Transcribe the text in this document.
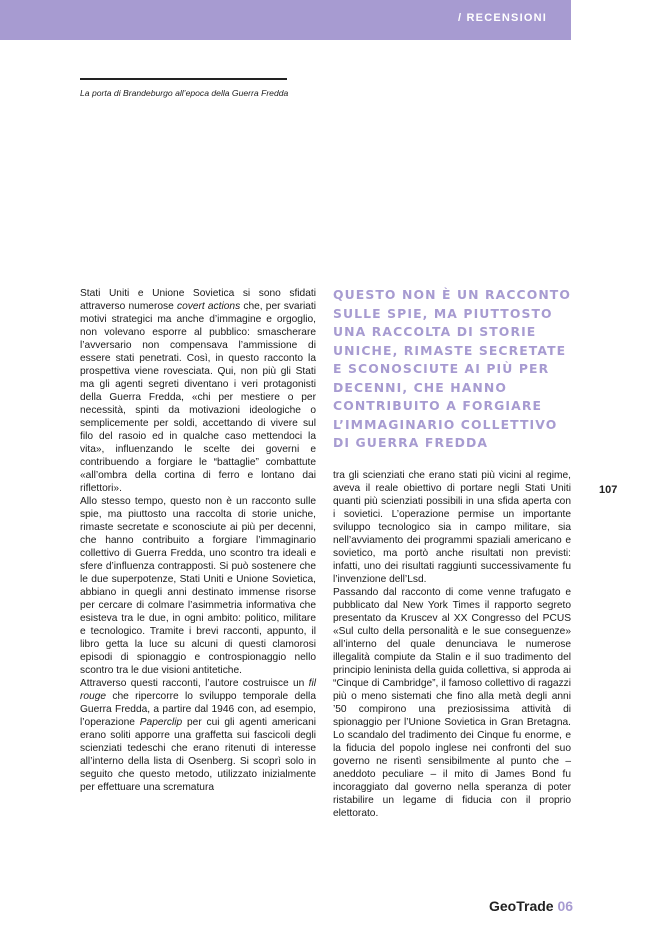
/ RECENSIONI
La porta di Brandeburgo all’epoca della Guerra Fredda

Stati Uniti e Unione Sovietica si sono sfidati attraverso numerose covert actions che, per svariati motivi strategici ma anche d’immagine e orgoglio, non volevano esporre al pubblico: smascherare l’avversario non compensava l’ammissione di essere stati penetrati. Così, in questo racconto la prospettiva viene rovesciata. Qui, non più gli Stati ma gli agenti segreti diventano i veri protagonisti della Guerra Fredda, «chi per mestiere o per necessità, spinti da motivazioni ideologiche o semplicemente per soldi, accettando di vivere sul filo del rasoio ed in qualche caso mettendoci la vita», influenzando le scelte dei governi e contribuendo a forgiare le “battaglie” combattute «all’ombra della cortina di ferro e lontano dai riflettori».

Allo stesso tempo, questo non è un racconto sulle spie, ma piuttosto una raccolta di storie uniche, rimaste secretate e sconosciute ai più per decenni, che hanno contribuito a forgiare l’immaginario collettivo di Guerra Fredda, uno scontro tra ideali e sfere d’influenza contrapposti. Si può sostenere che le due superpotenze, Stati Uniti e Unione Sovietica, abbiano in quegli anni destinato immense risorse per cercare di colmare l’asimmetria informativa che esisteva tra le due, in ogni ambito: politico, militare e tecnologico. Tramite i brevi racconti, appunto, il libro getta la luce su alcuni di questi clamorosi episodi di spionaggio e controspionaggio nello scontro tra le due visioni antitetiche.

Attraverso questi racconti, l’autore costruisce un fil rouge che ripercorre lo sviluppo temporale della Guerra Fredda, a partire dal 1946 con, ad esempio, l’operazione Paperclip per cui gli agenti americani erano soliti apporre una graffetta sui fascicoli degli scienziati tedeschi che erano ritenuti di interesse all’interno della lista di Osenberg. Si scoprì solo in seguito che questo metodo, utilizzato inizialmente per effettuare una scrematura

QUESTO NON È UN RACCONTO SULLE SPIE, MA PIUTTOSTO UNA RACCOLTA DI STORIE UNICHE, RIMASTE SECRETATE E SCONOSCIUTE AI PIÙ PER DECENNI, CHE HANNO CONTRIBUITO A FORGIARE L’IMMAGINARIO COLLETTIVO DI GUERRA FREDDA

tra gli scienziati che erano stati più vicini al regime, aveva il reale obiettivo di portare negli Stati Uniti quanti più scienziati possibili in una sfida aperta con i sovietici. L’operazione permise un importante sviluppo tecnologico sia in campo militare, sia nell’avviamento dei programmi spaziali americano e sovietico, ma portò anche risultati non previsti: infatti, uno dei risultati raggiunti successivamente fu l’invenzione dell’Lsd.

Passando dal racconto di come venne trafugato e pubblicato dal New York Times il rapporto segreto presentato da Kruscev al XX Congresso del PCUS «Sul culto della personalità e le sue conseguenze» all’interno del quale denunciava le numerose illegalità compiute da Stalin e il suo tradimento del principio leninista della guida collettiva, si approda ai “Cinque di Cambridge”, il famoso collettivo di ragazzi più o meno sistemati che fino alla metà degli anni ’50 compirono una preziosissima attività di spionaggio per l’Unione Sovietica in Gran Bretagna. Lo scandalo del tradimento dei Cinque fu enorme, e la fiducia del popolo inglese nei confronti del suo governo ne risentì sensibilmente al punto che – aneddoto peculiare – il mito di James Bond fu incoraggiato dal governo nella speranza di poter ristabilire un legame di fiducia con il proprio elettorato.

107
GeoTrade 06
